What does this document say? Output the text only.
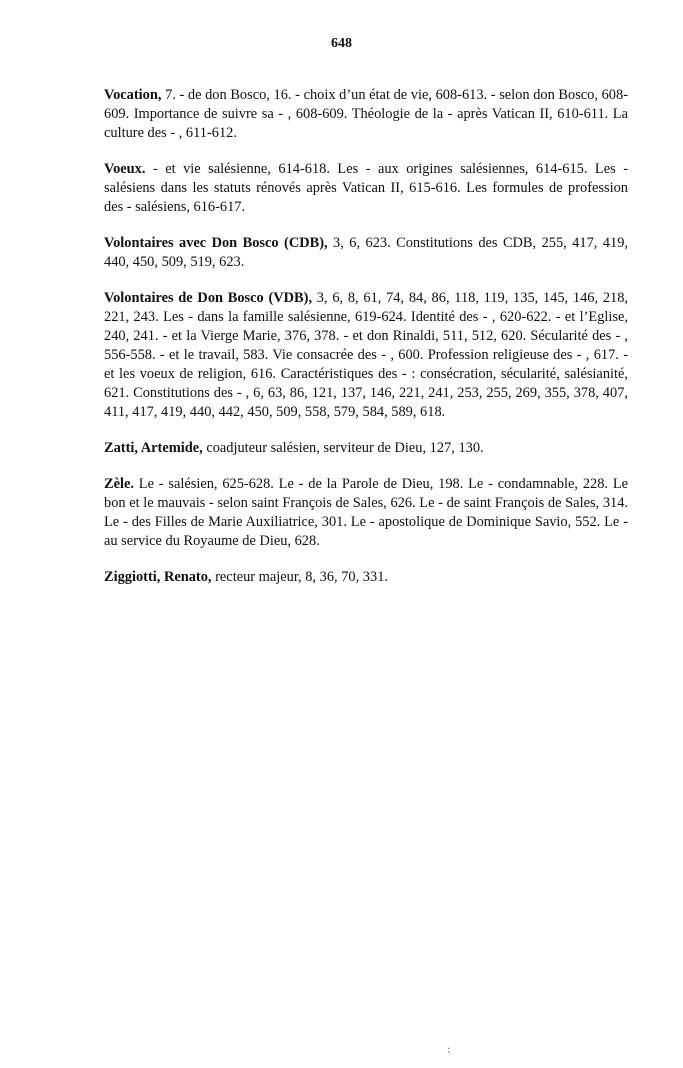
648

Vocation, 7. - de don Bosco, 16. - choix d’un état de vie, 608-613. - selon don Bosco, 608-609. Importance de suivre sa - , 608-609. Théologie de la - après Vatican II, 610-611. La culture des - , 611-612.

Voeux. - et vie salésienne, 614-618. Les - aux origines salésiennes, 614-615. Les - salésiens dans les statuts rénovés après Vatican II, 615-616. Les formules de profession des - salésiens, 616-617.

Volontaires avec Don Bosco (CDB), 3, 6, 623. Constitutions des CDB, 255, 417, 419, 440, 450, 509, 519, 623.

Volontaires de Don Bosco (VDB), 3, 6, 8, 61, 74, 84, 86, 118, 119, 135, 145, 146, 218, 221, 243. Les - dans la famille salésienne, 619-624. Identité des - , 620-622. - et l’Eglise, 240, 241. - et la Vierge Marie, 376, 378. - et don Rinaldi, 511, 512, 620. Sécularité des - , 556-558. - et le travail, 583. Vie consacrée des - , 600. Profession religieuse des - , 617. - et les voeux de religion, 616. Caractéristiques des - : consécration, sécularité, salésianité, 621. Constitutions des - , 6, 63, 86, 121, 137, 146, 221, 241, 253, 255, 269, 355, 378, 407, 411, 417, 419, 440, 442, 450, 509, 558, 579, 584, 589, 618.

Zatti, Artemide, coadjuteur salésien, serviteur de Dieu, 127, 130.

Zèle. Le - salésien, 625-628. Le - de la Parole de Dieu, 198. Le - condamnable, 228. Le bon et le mauvais - selon saint François de Sales, 626. Le - de saint François de Sales, 314. Le - des Filles de Marie Auxiliatrice, 301. Le - apostolique de Dominique Savio, 552. Le - au service du Royaume de Dieu, 628.

Ziggiotti, Renato, recteur majeur, 8, 36, 70, 331.

⁏
